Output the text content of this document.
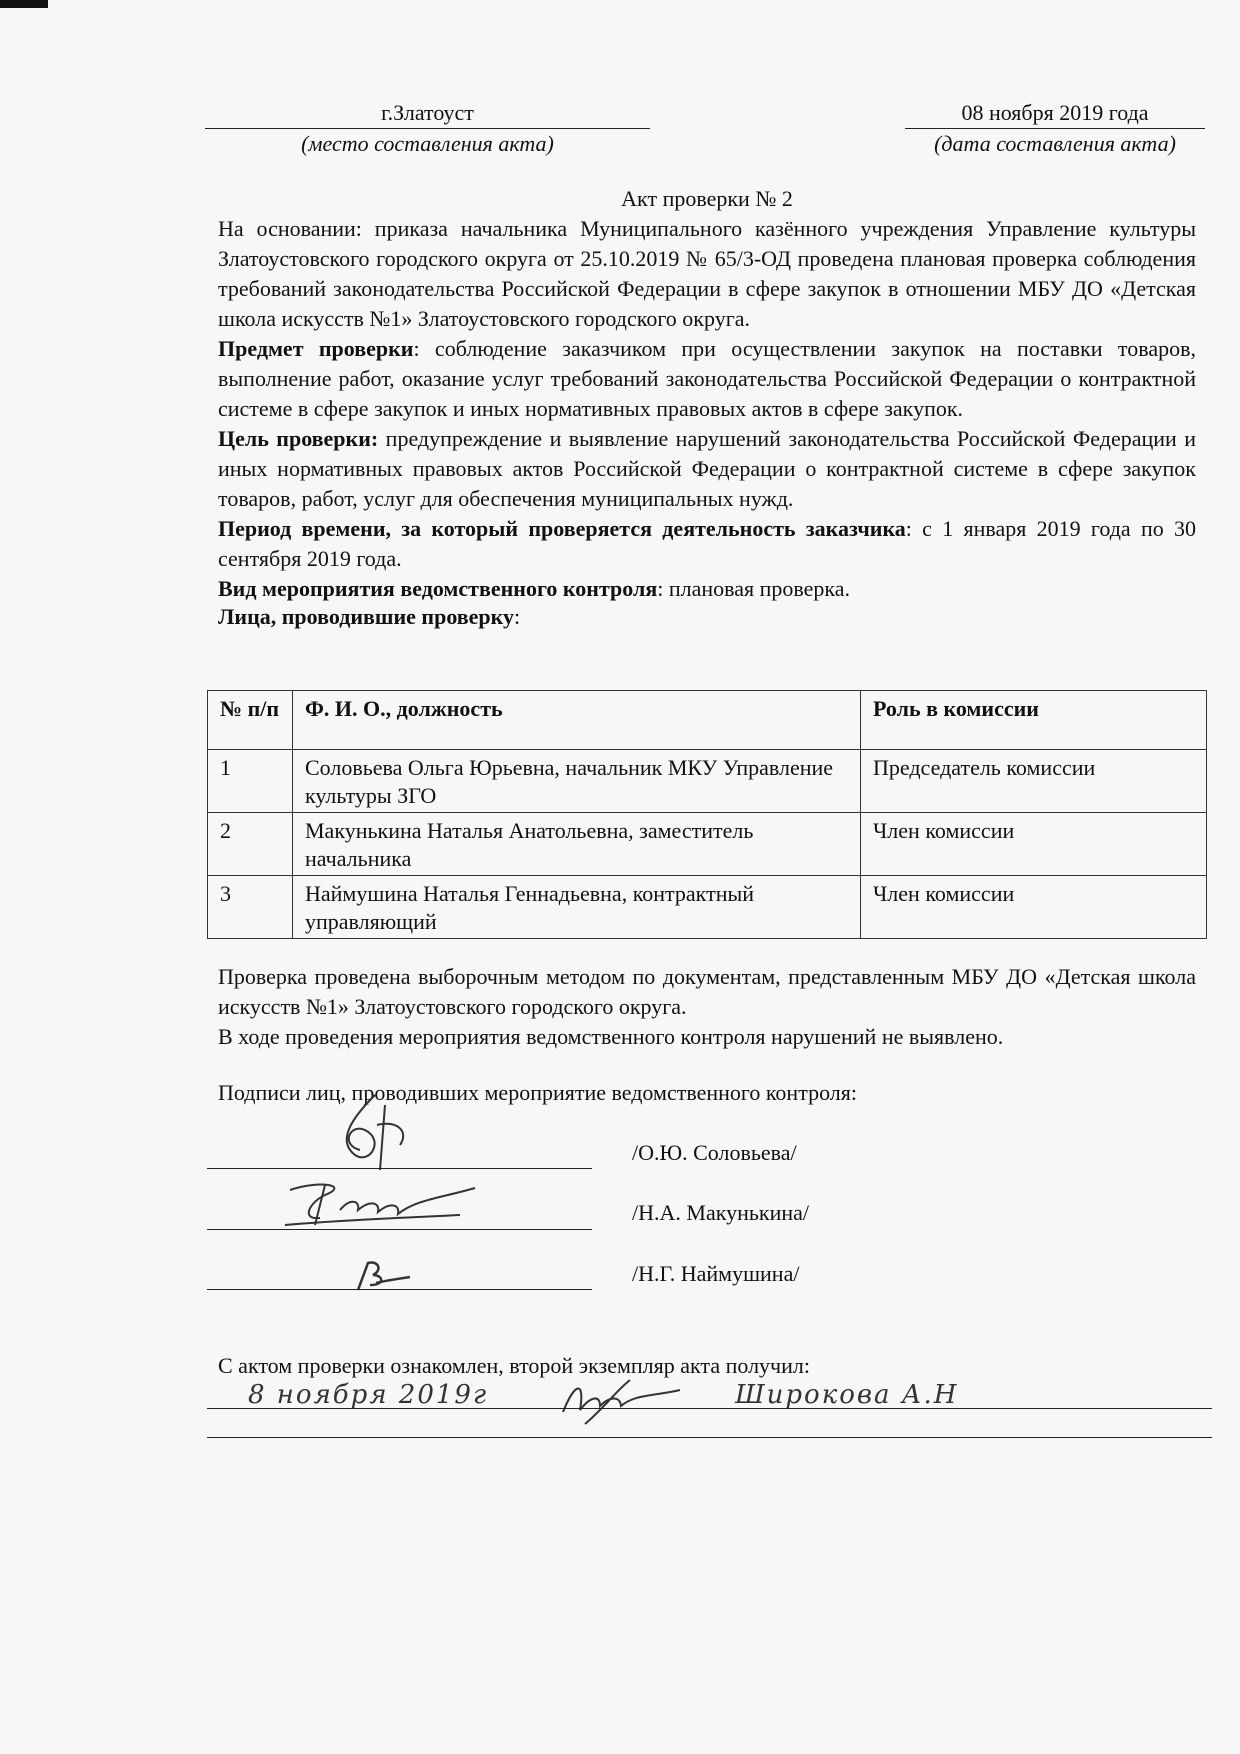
г.Златоуст
(место составления акта)
08 ноября 2019 года
(дата составления акта)
Акт проверки № 2

На основании: приказа начальника Муниципального казённого учреждения Управление культуры Златоустовского городского округа от 25.10.2019 № 65/3-ОД проведена плановая проверка соблюдения требований законодательства Российской Федерации в сфере закупок в отношении МБУ ДО «Детская школа искусств №1» Златоустовского городского округа.

Предмет проверки: соблюдение заказчиком при осуществлении закупок на поставки товаров, выполнение работ, оказание услуг требований законодательства Российской Федерации о контрактной системе в сфере закупок и иных нормативных правовых актов в сфере закупок.

Цель проверки: предупреждение и выявление нарушений законодательства Российской Федерации и иных нормативных правовых актов Российской Федерации о контрактной системе в сфере закупок товаров, работ, услуг для обеспечения муниципальных нужд.

Период времени, за который проверяется деятельность заказчика: с 1 января 2019 года по 30 сентября 2019 года.

Вид мероприятия ведомственного контроля: плановая проверка.

Лица, проводившие проверку:

№ п/п	Ф. И. О., должность	Роль в комиссии
1	Соловьева Ольга Юрьевна, начальник МКУ Управление культуры ЗГО	Председатель комиссии
2	Макунькина Наталья Анатольевна, заместитель начальника	Член комиссии
3	Наймушина Наталья Геннадьевна, контрактный управляющий	Член комиссии

Проверка проведена выборочным методом по документам, представленным МБУ ДО «Детская школа искусств №1» Златоустовского городского округа.

В ходе проведения мероприятия ведомственного контроля нарушений не выявлено.

Подписи лиц, проводивших мероприятие ведомственного контроля:
/О.Ю. Соловьева/
/Н.А. Макунькина/
/Н.Г. Наймушина/
С актом проверки ознакомлен, второй экземпляр акта получил:
8 ноября 2019г	Широкова А.Н
